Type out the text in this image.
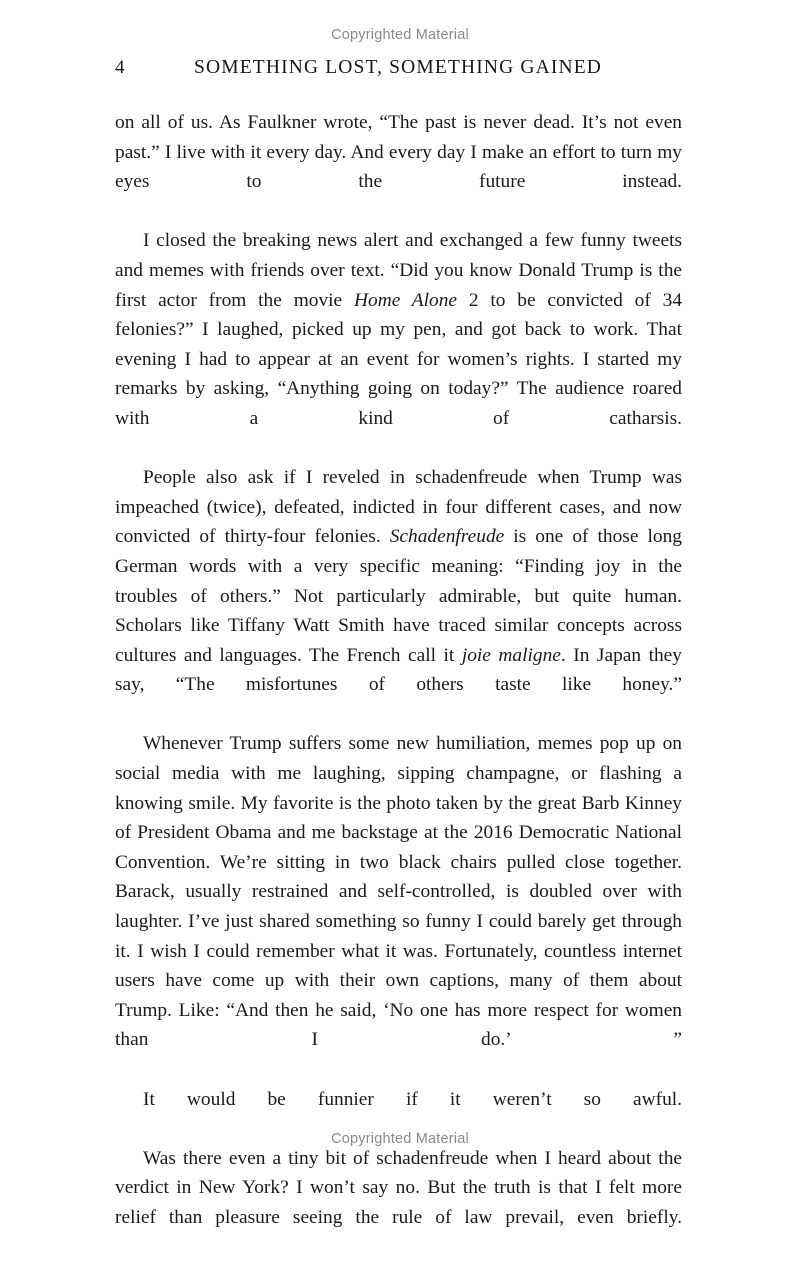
Copyrighted Material
4	SOMETHING LOST, SOMETHING GAINED

on all of us. As Faulkner wrote, “The past is never dead. It’s not even past.” I live with it every day. And every day I make an effort to turn my eyes to the future instead.

I closed the breaking news alert and exchanged a few funny tweets and memes with friends over text. “Did you know Donald Trump is the first actor from the movie Home Alone 2 to be convicted of 34 felonies?” I laughed, picked up my pen, and got back to work. That evening I had to appear at an event for women’s rights. I started my remarks by asking, “Anything going on today?” The audience roared with a kind of catharsis.

People also ask if I reveled in schadenfreude when Trump was impeached (twice), defeated, indicted in four different cases, and now convicted of thirty-four felonies. Schadenfreude is one of those long German words with a very specific meaning: “Finding joy in the troubles of others.” Not particularly admirable, but quite human. Scholars like Tiffany Watt Smith have traced similar concepts across cultures and languages. The French call it joie maligne. In Japan they say, “The misfortunes of others taste like honey.”

Whenever Trump suffers some new humiliation, memes pop up on social media with me laughing, sipping champagne, or flashing a knowing smile. My favorite is the photo taken by the great Barb Kinney of President Obama and me backstage at the 2016 Democratic National Convention. We’re sitting in two black chairs pulled close together. Barack, usually restrained and self-controlled, is doubled over with laughter. I’ve just shared something so funny I could barely get through it. I wish I could remember what it was. Fortunately, countless internet users have come up with their own captions, many of them about Trump. Like: “And then he said, ‘No one has more respect for women than I do.’ ”

It would be funnier if it weren’t so awful.

Was there even a tiny bit of schadenfreude when I heard about the verdict in New York? I won’t say no. But the truth is that I felt more relief than pleasure seeing the rule of law prevail, even briefly.

Copyrighted Material
